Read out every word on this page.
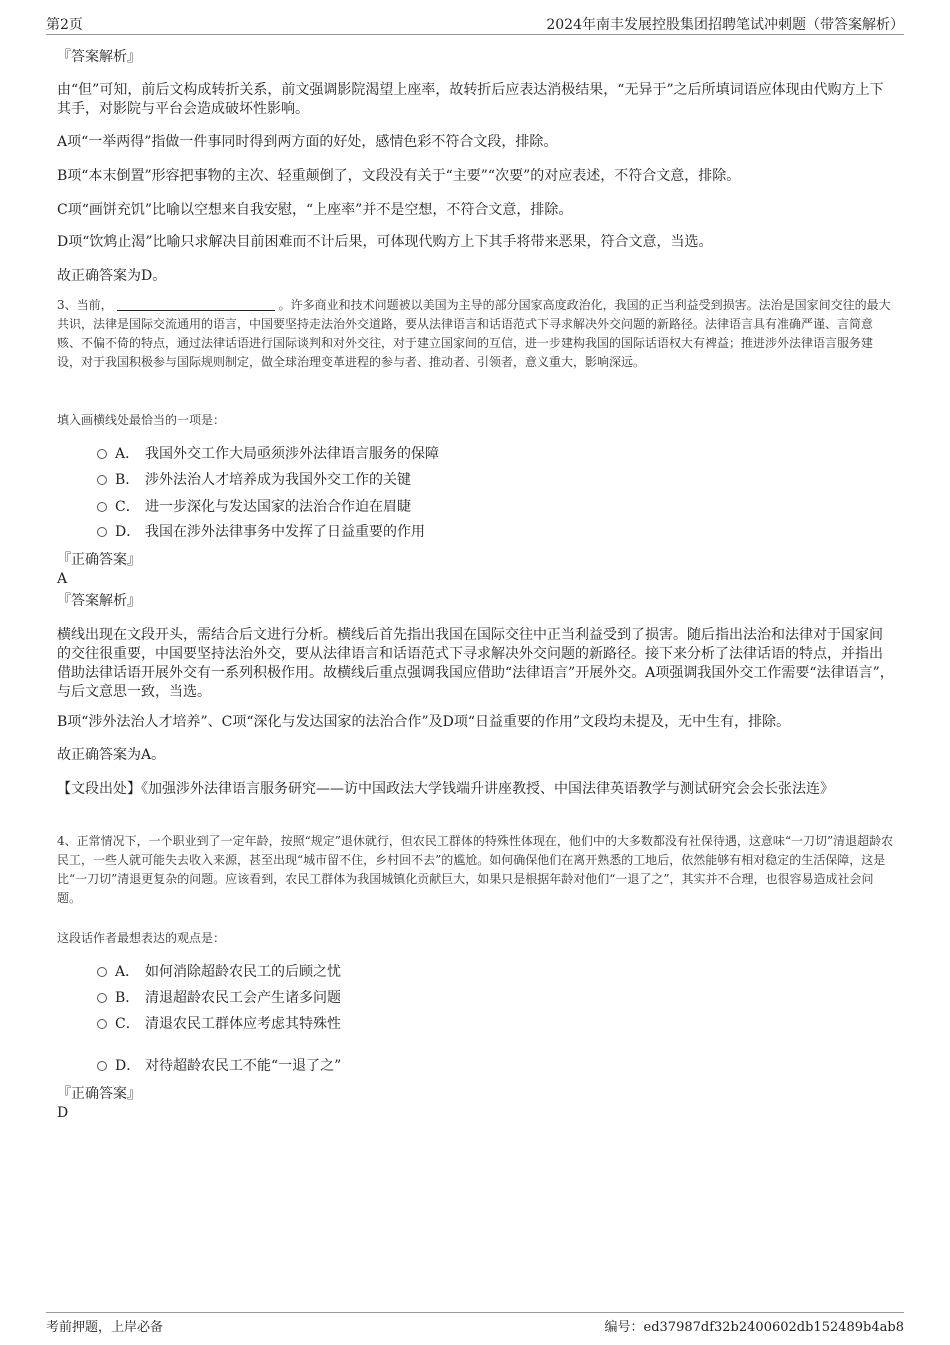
第2页	2024年南丰发展控股集团招聘笔试冲刺题（带答案解析）
『答案解析』
由“但”可知，前后文构成转折关系，前文强调影院渴望上座率，故转折后应表达消极结果，“无异于”之后所填词语应体现由代购方上下其手，对影院与平台会造成破坏性影响。
A项“一举两得”指做一件事同时得到两方面的好处，感情色彩不符合文段，排除。
B项“本末倒置”形容把事物的主次、轻重颠倒了，文段没有关于“主要”“次要”的对应表述，不符合文意，排除。
C项“画饼充饥”比喻以空想来自我安慰，“上座率”并不是空想，不符合文意，排除。
D项“饮鸩止渴”比喻只求解决目前困难而不计后果，可体现代购方上下其手将带来恶果，符合文意，当选。
故正确答案为D。
3、当前，	。许多商业和技术问题被以美国为主导的部分国家高度政治化，我国的正当利益受到损害。法治是国家间交往的最大共识，法律是国际交流通用的语言，中国要坚持走法治外交道路，要从法律语言和话语范式下寻求解决外交问题的新路径。法律语言具有准确严谨、言简意赅、不偏不倚的特点，通过法律话语进行国际谈判和对外交往，对于建立国家间的互信，进一步建构我国的国际话语权大有裨益；推进涉外法律语言服务建设，对于我国积极参与国际规则制定，做全球治理变革进程的参与者、推动者、引领者，意义重大，影响深远。
填入画横线处最恰当的一项是：
A． 我国外交工作大局亟须涉外法律语言服务的保障
B． 涉外法治人才培养成为我国外交工作的关键
C． 进一步深化与发达国家的法治合作迫在眉睫
D． 我国在涉外法律事务中发挥了日益重要的作用
『正确答案』
A
『答案解析』
横线出现在文段开头，需结合后文进行分析。横线后首先指出我国在国际交往中正当利益受到了损害。随后指出法治和法律对于国家间的交往很重要，中国要坚持法治外交，要从法律语言和话语范式下寻求解决外交问题的新路径。接下来分析了法律话语的特点，并指出借助法律话语开展外交有一系列积极作用。故横线后重点强调我国应借助“法律语言”开展外交。A项强调我国外交工作需要“法律语言”，与后文意思一致，当选。
B项“涉外法治人才培养”、C项“深化与发达国家的法治合作”及D项“日益重要的作用”文段均未提及，无中生有，排除。
故正确答案为A。
【文段出处】《加强涉外法律语言服务研究——访中国政法大学钱端升讲座教授、中国法律英语教学与测试研究会会长张法连》
4、正常情况下，一个职业到了一定年龄，按照“规定”退休就行，但农民工群体的特殊性体现在，他们中的大多数都没有社保待遇，这意味“一刀切”清退超龄农民工，一些人就可能失去收入来源，甚至出现“城市留不住，乡村回不去”的尴尬。如何确保他们在离开熟悉的工地后，依然能够有相对稳定的生活保障，这是比“一刀切”清退更复杂的问题。应该看到，农民工群体为我国城镇化贡献巨大，如果只是根据年龄对他们“一退了之”，其实并不合理，也很容易造成社会问题。
这段话作者最想表达的观点是：
A． 如何消除超龄农民工的后顾之忧
B． 清退超龄农民工会产生诸多问题
C． 清退农民工群体应考虑其特殊性
D． 对待超龄农民工不能“一退了之”
『正确答案』
D
考前押题，上岸必备	编号：ed37987df32b2400602db152489b4ab8
